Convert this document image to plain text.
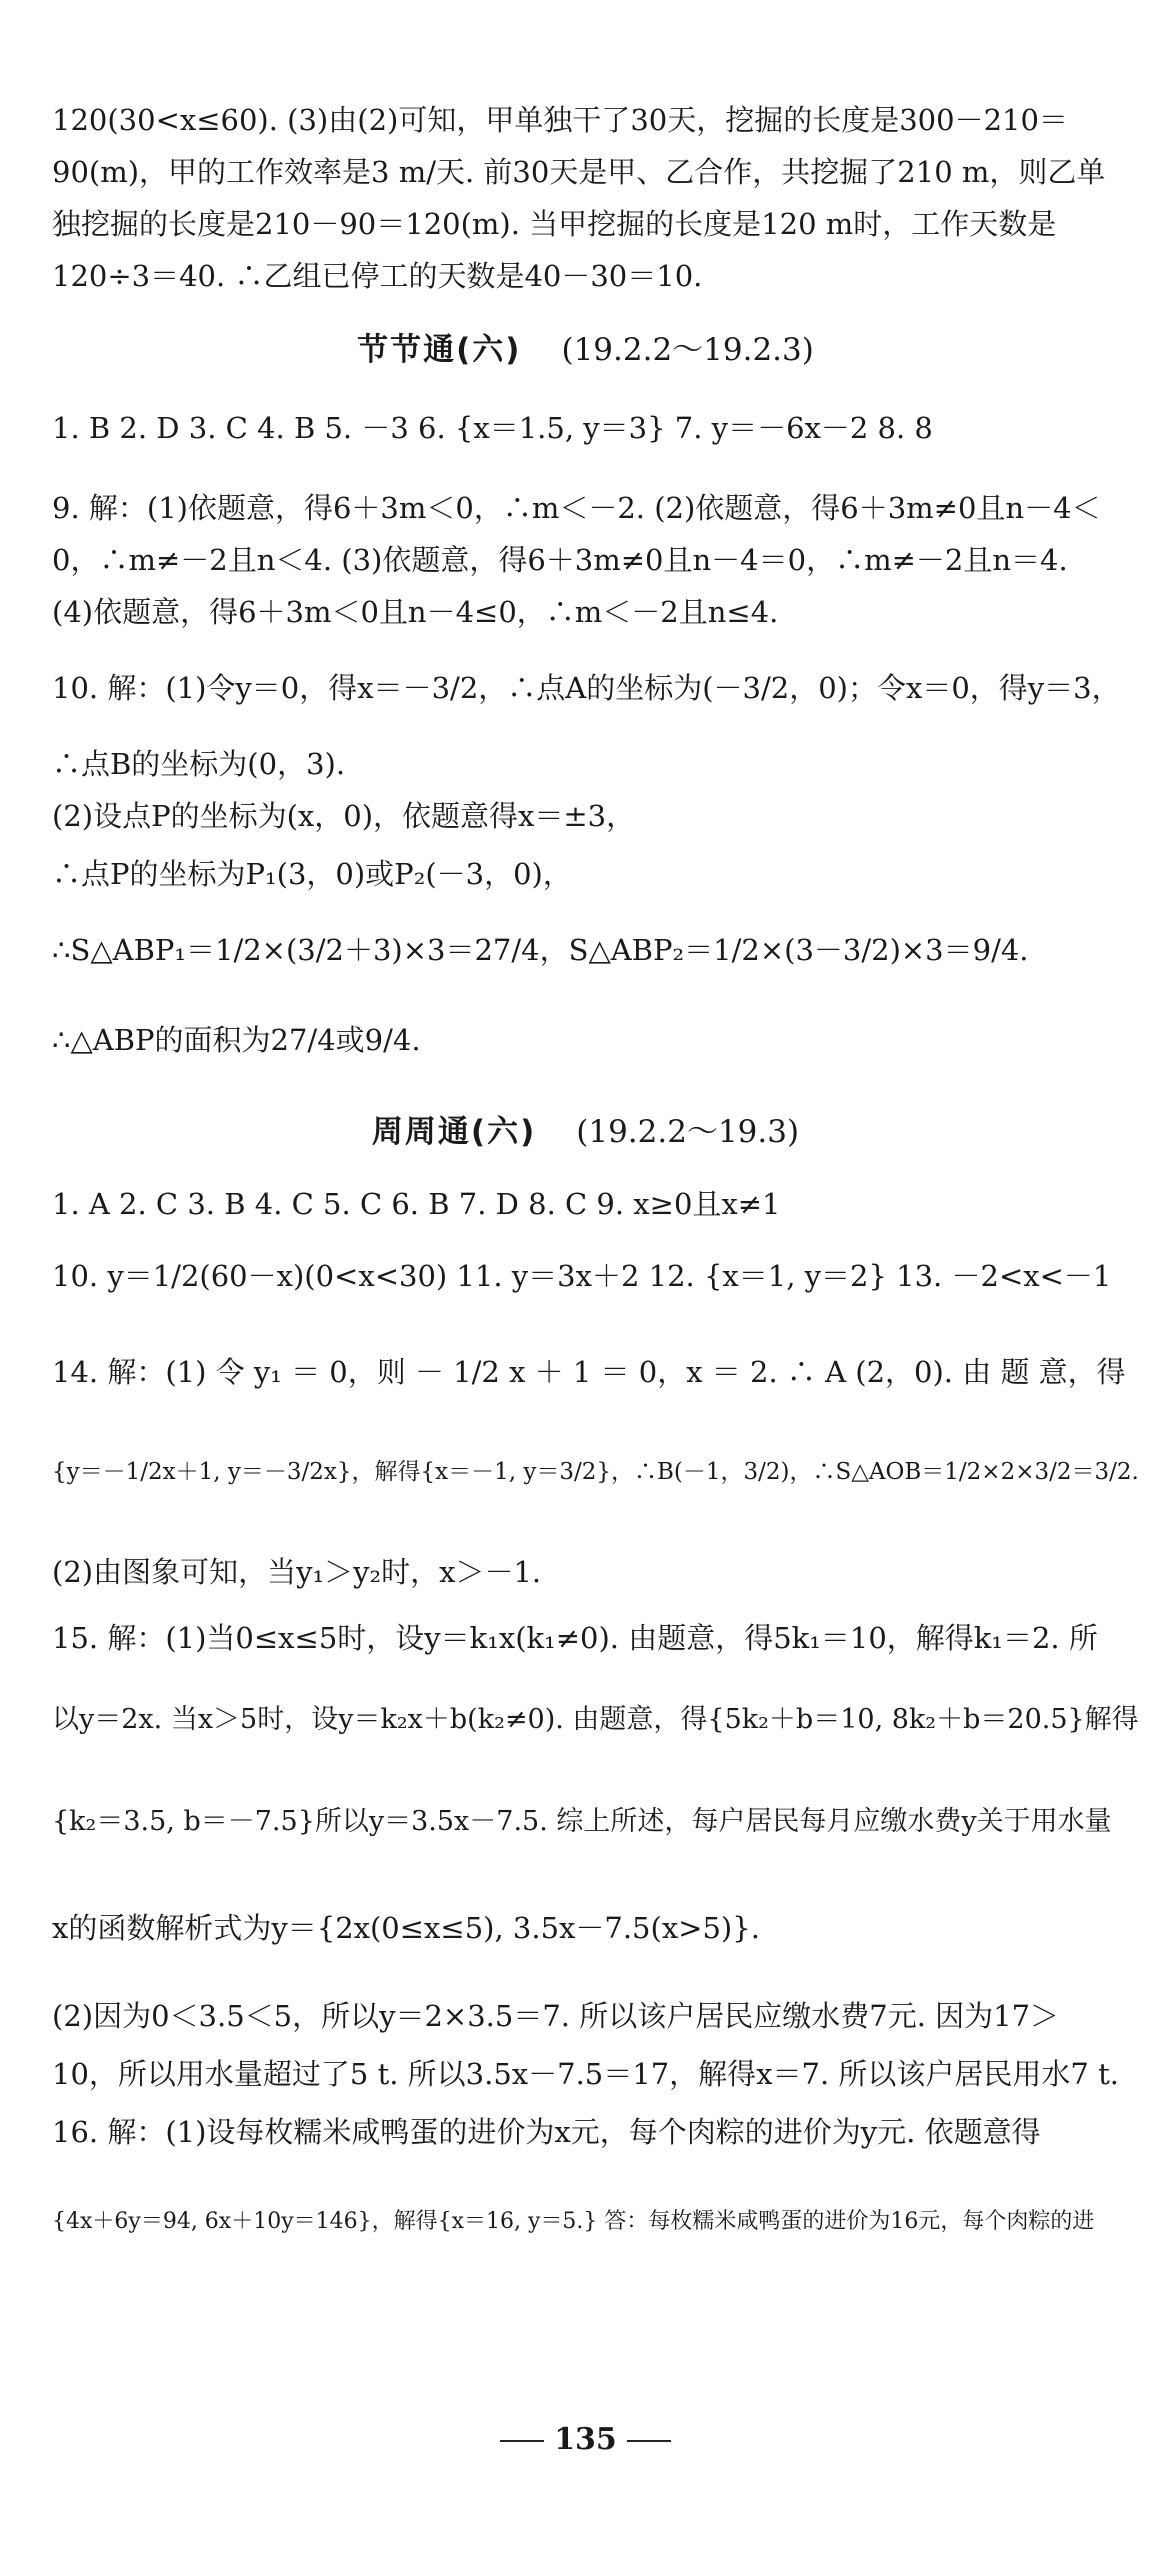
120(30<x≤60). (3)由(2)可知，甲单独干了30天，挖掘的长度是300－210＝
90(m)，甲的工作效率是3 m/天. 前30天是甲、乙合作，共挖掘了210 m，则乙单
独挖掘的长度是210－90＝120(m). 当甲挖掘的长度是120 m时，工作天数是
120÷3＝40. ∴乙组已停工的天数是40－30＝10.
节节通(六) (19.2.2～19.2.3)
1. B 2. D 3. C 4. B 5. －3 6. {x＝1.5, y＝3} 7. y＝－6x－2 8. 8
9. 解：(1)依题意，得6＋3m＜0，∴m＜－2. (2)依题意，得6＋3m≠0且n－4＜
0，∴m≠－2且n＜4. (3)依题意，得6＋3m≠0且n－4＝0，∴m≠－2且n＝4.
(4)依题意，得6＋3m＜0且n－4≤0，∴m＜－2且n≤4.
10. 解：(1)令y＝0，得x＝－3/2，∴点A的坐标为(－3/2，0)；令x＝0，得y＝3，
∴点B的坐标为(0，3).
(2)设点P的坐标为(x，0)，依题意得x＝±3，
∴点P的坐标为P₁(3，0)或P₂(－3，0)，
∴S△ABP₁＝1/2×(3/2＋3)×3＝27/4，S△ABP₂＝1/2×(3－3/2)×3＝9/4.
∴△ABP的面积为27/4或9/4.
周周通(六) (19.2.2～19.3)
1. A 2. C 3. B 4. C 5. C 6. B 7. D 8. C 9. x≥0且x≠1
10. y＝1/2(60－x)(0<x<30) 11. y＝3x＋2 12. {x＝1, y＝2} 13. －2<x<－1
14. 解：(1) 令 y₁ ＝ 0，则 － 1/2 x ＋ 1 ＝ 0，x ＝ 2. ∴ A (2，0). 由 题 意，得
{y＝－1/2x＋1, y＝－3/2x}，解得{x＝－1, y＝3/2}，∴B(－1，3/2)，∴S△AOB＝1/2×2×3/2＝3/2.
(2)由图象可知，当y₁＞y₂时，x＞－1.
15. 解：(1)当0≤x≤5时，设y＝k₁x(k₁≠0). 由题意，得5k₁＝10，解得k₁＝2. 所
以y＝2x. 当x＞5时，设y＝k₂x＋b(k₂≠0). 由题意，得{5k₂＋b＝10, 8k₂＋b＝20.5}解得
{k₂＝3.5, b＝－7.5}所以y＝3.5x－7.5. 综上所述，每户居民每月应缴水费y关于用水量
x的函数解析式为y＝{2x(0≤x≤5), 3.5x－7.5(x>5)}.
(2)因为0＜3.5＜5，所以y＝2×3.5＝7. 所以该户居民应缴水费7元. 因为17＞
10，所以用水量超过了5 t. 所以3.5x－7.5＝17，解得x＝7. 所以该户居民用水7 t.
16. 解：(1)设每枚糯米咸鸭蛋的进价为x元，每个肉粽的进价为y元. 依题意得
{4x＋6y＝94, 6x＋10y＝146}，解得{x＝16, y＝5.} 答：每枚糯米咸鸭蛋的进价为16元，每个肉粽的进
135
